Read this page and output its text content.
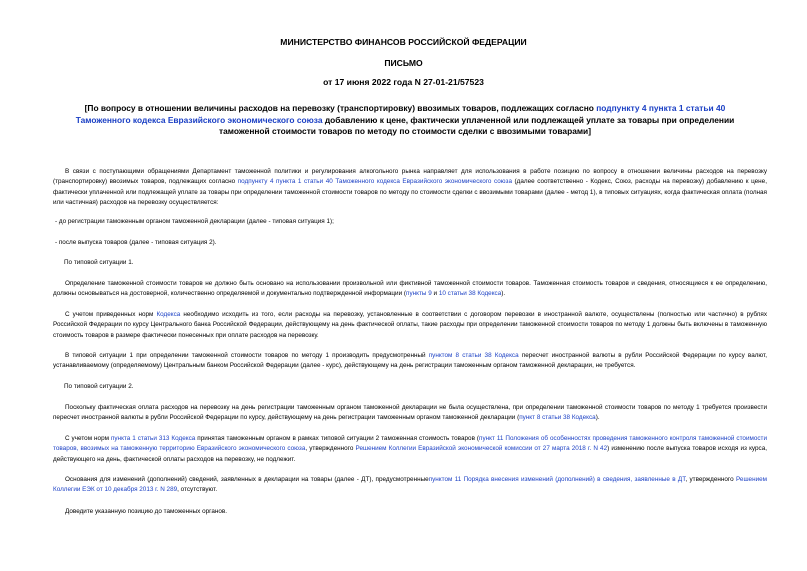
МИНИСТЕРСТВО ФИНАНСОВ РОССИЙСКОЙ ФЕДЕРАЦИИ
ПИСЬМО
от 17 июня 2022 года N 27-01-21/57523
[По вопросу в отношении величины расходов на перевозку (транспортировку) ввозимых товаров, подлежащих согласно подпункту 4 пункта 1 статьи 40 Таможенного кодекса Евразийского экономического союза добавлению к цене, фактически уплаченной или подлежащей уплате за товары при определении таможенной стоимости товаров по методу по стоимости сделки с ввозимыми товарами]
В связи с поступающими обращениями Департамент таможенной политики и регулирования алкогольного рынка направляет для использования в работе позицию по вопросу в отношении величины расходов на перевозку (транспортировку) ввозимых товаров, подлежащих согласно подпункту 4 пункта 1 статьи 40 Таможенного кодекса Евразийского экономического союза (далее соответственно - Кодекс, Союз, расходы на перевозку) добавлению к цене, фактически уплаченной или подлежащей уплате за товары при определении таможенной стоимости товаров по методу по стоимости сделки с ввозимыми товарами (далее - метод 1), в типовых ситуациях, когда фактическая оплата (полная или частичная) расходов на перевозку осуществляется:
- до регистрации таможенным органом таможенной декларации (далее - типовая ситуация 1);
- после выпуска товаров (далее - типовая ситуация 2).
По типовой ситуации 1.
Определение таможенной стоимости товаров не должно быть основано на использовании произвольной или фиктивной таможенной стоимости товаров. Таможенная стоимость товаров и сведения, относящиеся к ее определению, должны основываться на достоверной, количественно определяемой и документально подтвержденной информации (пункты 9 и 10 статьи 38 Кодекса).
С учетом приведенных норм Кодекса необходимо исходить из того, если расходы на перевозку, установленные в соответствии с договором перевозки в иностранной валюте, осуществлены (полностью или частично) в рублях Российской Федерации по курсу Центрального банка Российской Федерации, действующему на день фактической оплаты, такие расходы при определении таможенной стоимости товаров по методу 1 должны быть включены в таможенную стоимость товаров в размере фактически понесенных при оплате расходов на перевозку.
В типовой ситуации 1 при определении таможенной стоимости товаров по методу 1 производить предусмотренный пунктом 8 статьи 38 Кодекса пересчет иностранной валюты в рубли Российской Федерации по курсу валют, устанавливаемому (определяемому) Центральным банком Российской Федерации (далее - курс), действующему на день регистрации таможенным органом таможенной декларации, не требуется.
По типовой ситуации 2.
Поскольку фактическая оплата расходов на перевозку на день регистрации таможенным органом таможенной декларации не была осуществлена, при определении таможенной стоимости товаров по методу 1 требуется произвести пересчет иностранной валюты в рубли Российской Федерации по курсу, действующему на день регистрации таможенным органом таможенной декларации (пункт 8 статьи 38 Кодекса).
С учетом норм пункта 1 статьи 313 Кодекса принятая таможенным органом в рамках типовой ситуации 2 таможенная стоимость товаров (пункт 11 Положения об особенностях проведения таможенного контроля таможенной стоимости товаров, ввозимых на таможенную территорию Евразийского экономического союза, утвержденного Решением Коллегии Евразийской экономической комиссии от 27 марта 2018 г. N 42) изменению после выпуска товаров исходя из курса, действующего на день, фактической оплаты расходов на перевозку, не подлежит.
Основания для изменений (дополнений) сведений, заявленных в декларации на товары (далее - ДТ), предусмотренныепунктом 11 Порядка внесения изменений (дополнений) в сведения, заявленные в ДТ, утвержденного Решением Коллегии ЕЭК от 10 декабря 2013 г. N 289, отсутствуют.
Доведите указанную позицию до таможенных органов.
